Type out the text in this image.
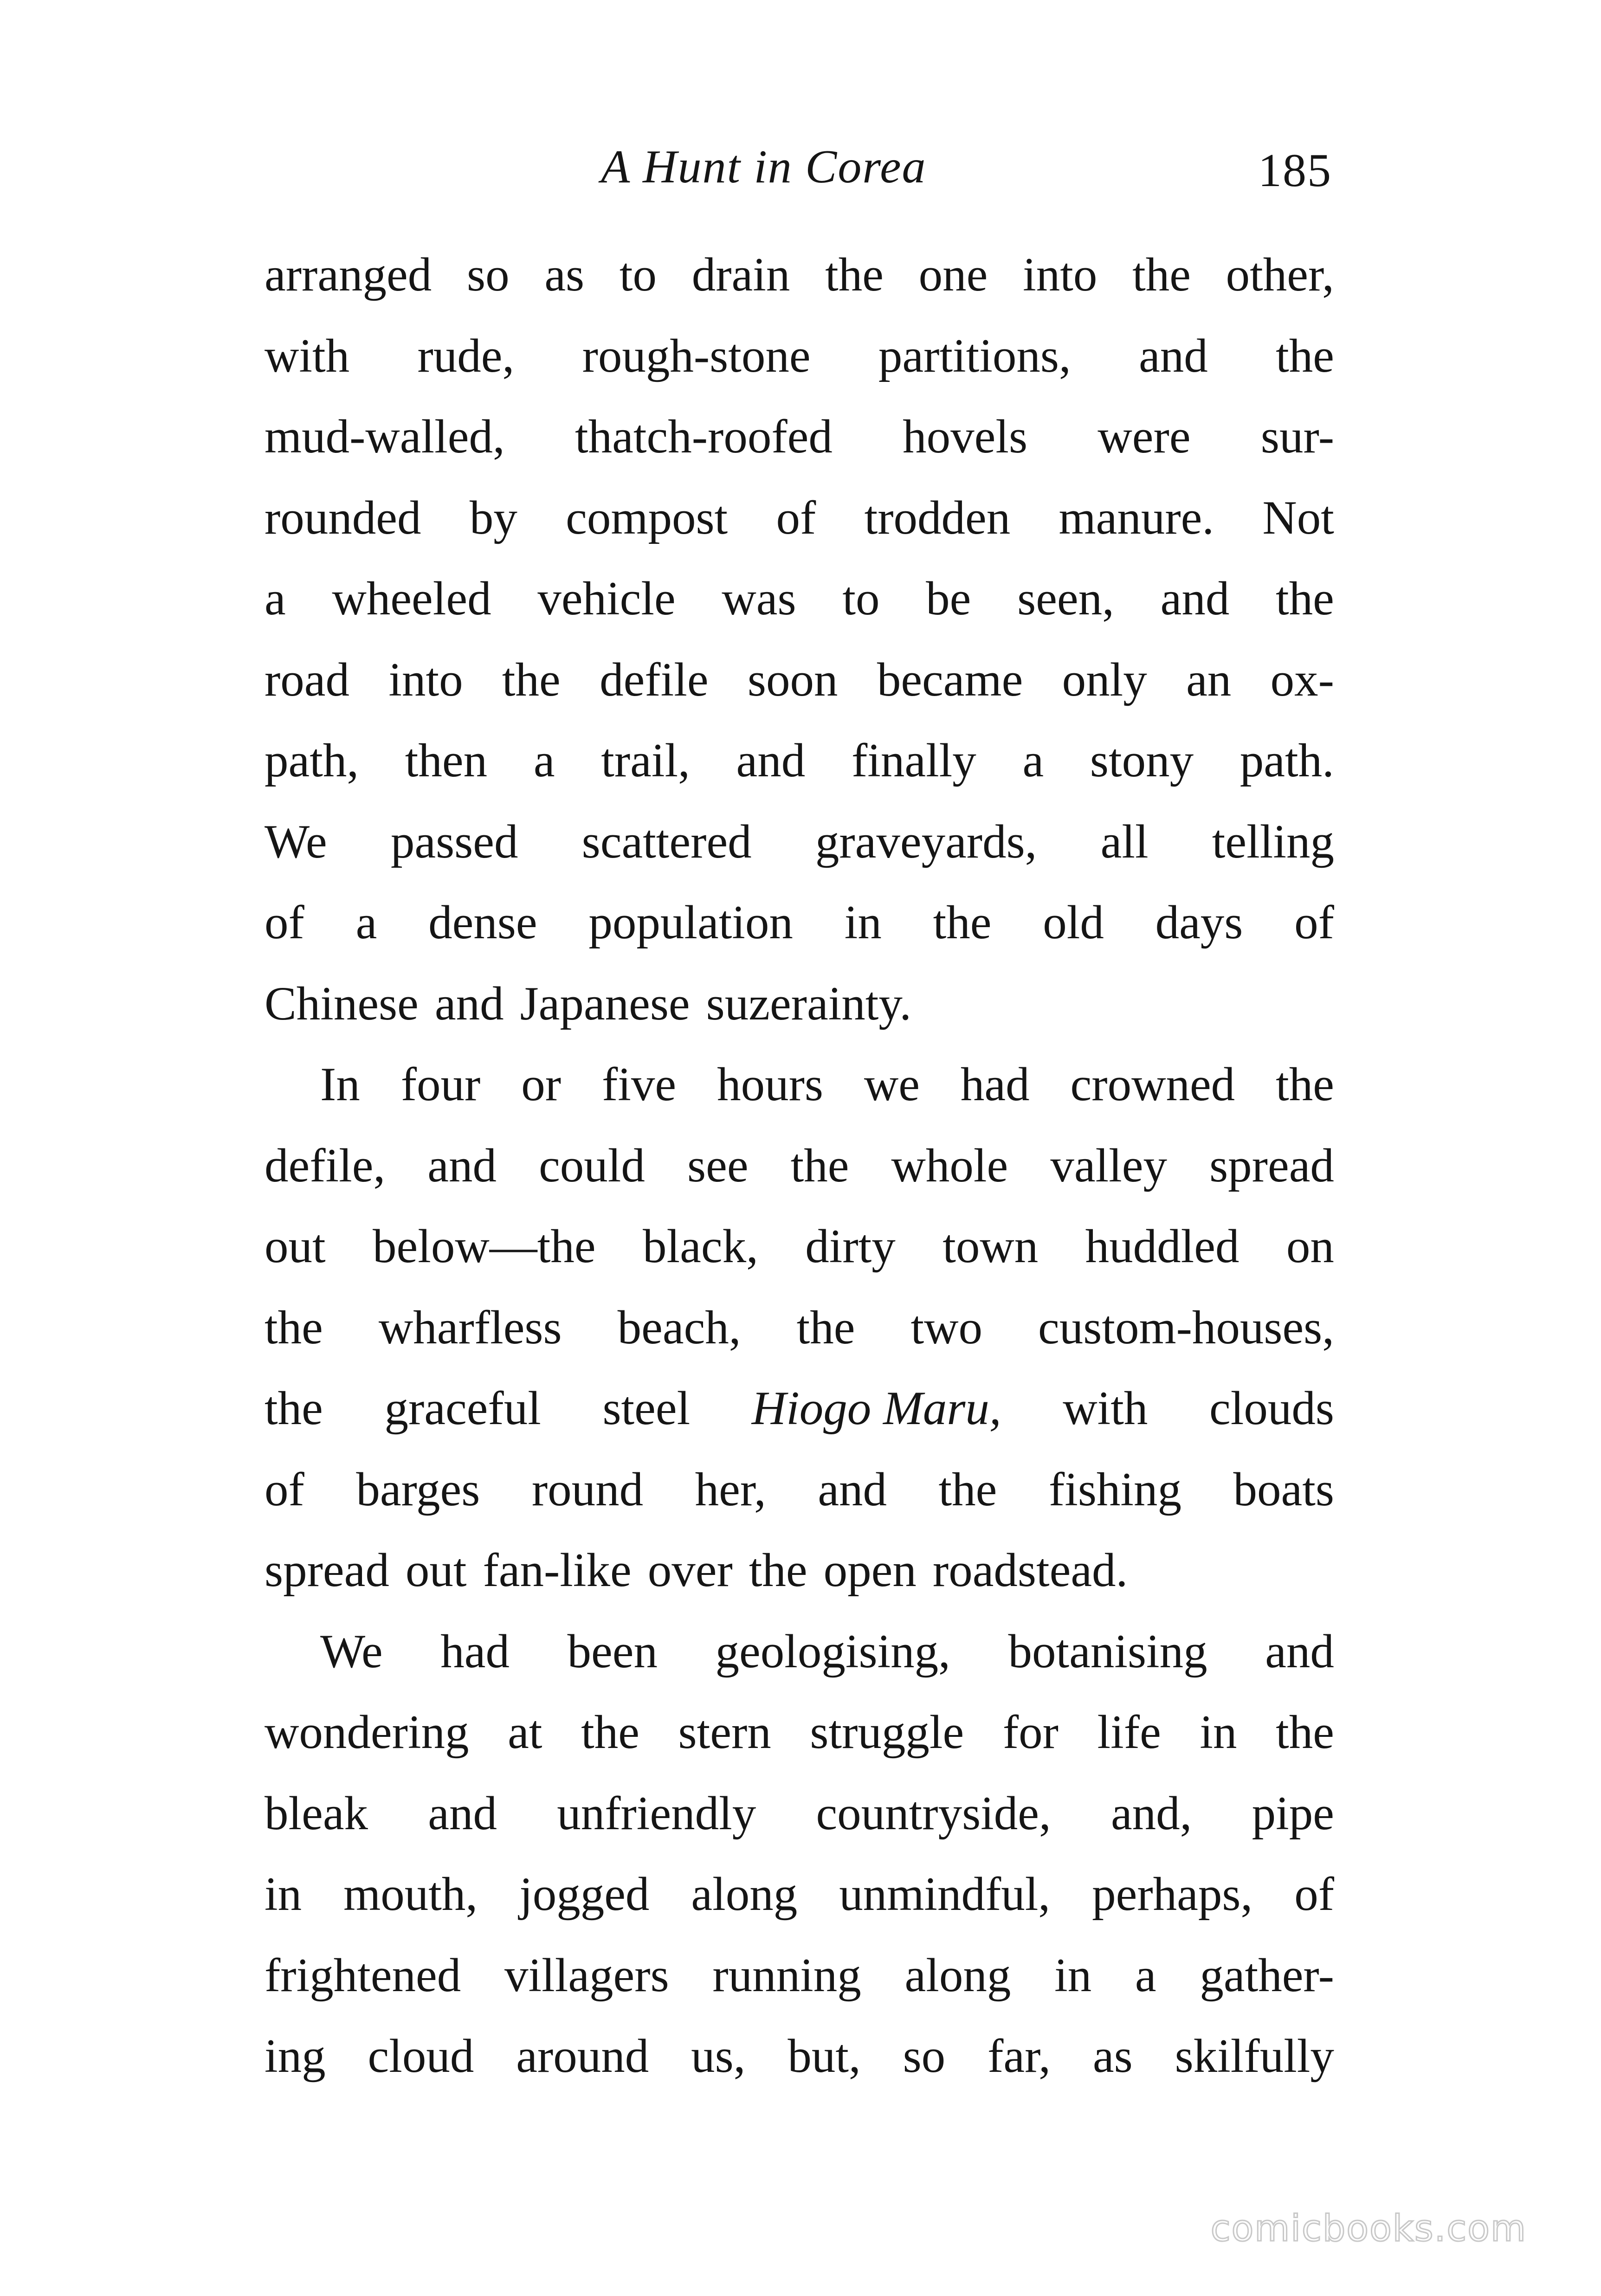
A Hunt in Corea	185
arranged so as to drain the one into the other,
with rude, rough-stone partitions, and the
mud-walled, thatch-roofed hovels were sur-
rounded by compost of trodden manure. Not
a wheeled vehicle was to be seen, and the
road into the defile soon became only an ox-
path, then a trail, and finally a stony path.
We passed scattered graveyards, all telling
of a dense population in the old days of
Chinese and Japanese suzerainty.
In four or five hours we had crowned the
defile, and could see the whole valley spread
out below—the black, dirty town huddled on
the wharfless beach, the two custom-houses,
the graceful steel Hiogo Maru, with clouds
of barges round her, and the fishing boats
spread out fan-like over the open roadstead.
We had been geologising, botanising and
wondering at the stern struggle for life in the
bleak and unfriendly countryside, and, pipe
in mouth, jogged along unmindful, perhaps, of
frightened villagers running along in a gather-
ing cloud around us, but, so far, as skilfully
comicbooks.com
